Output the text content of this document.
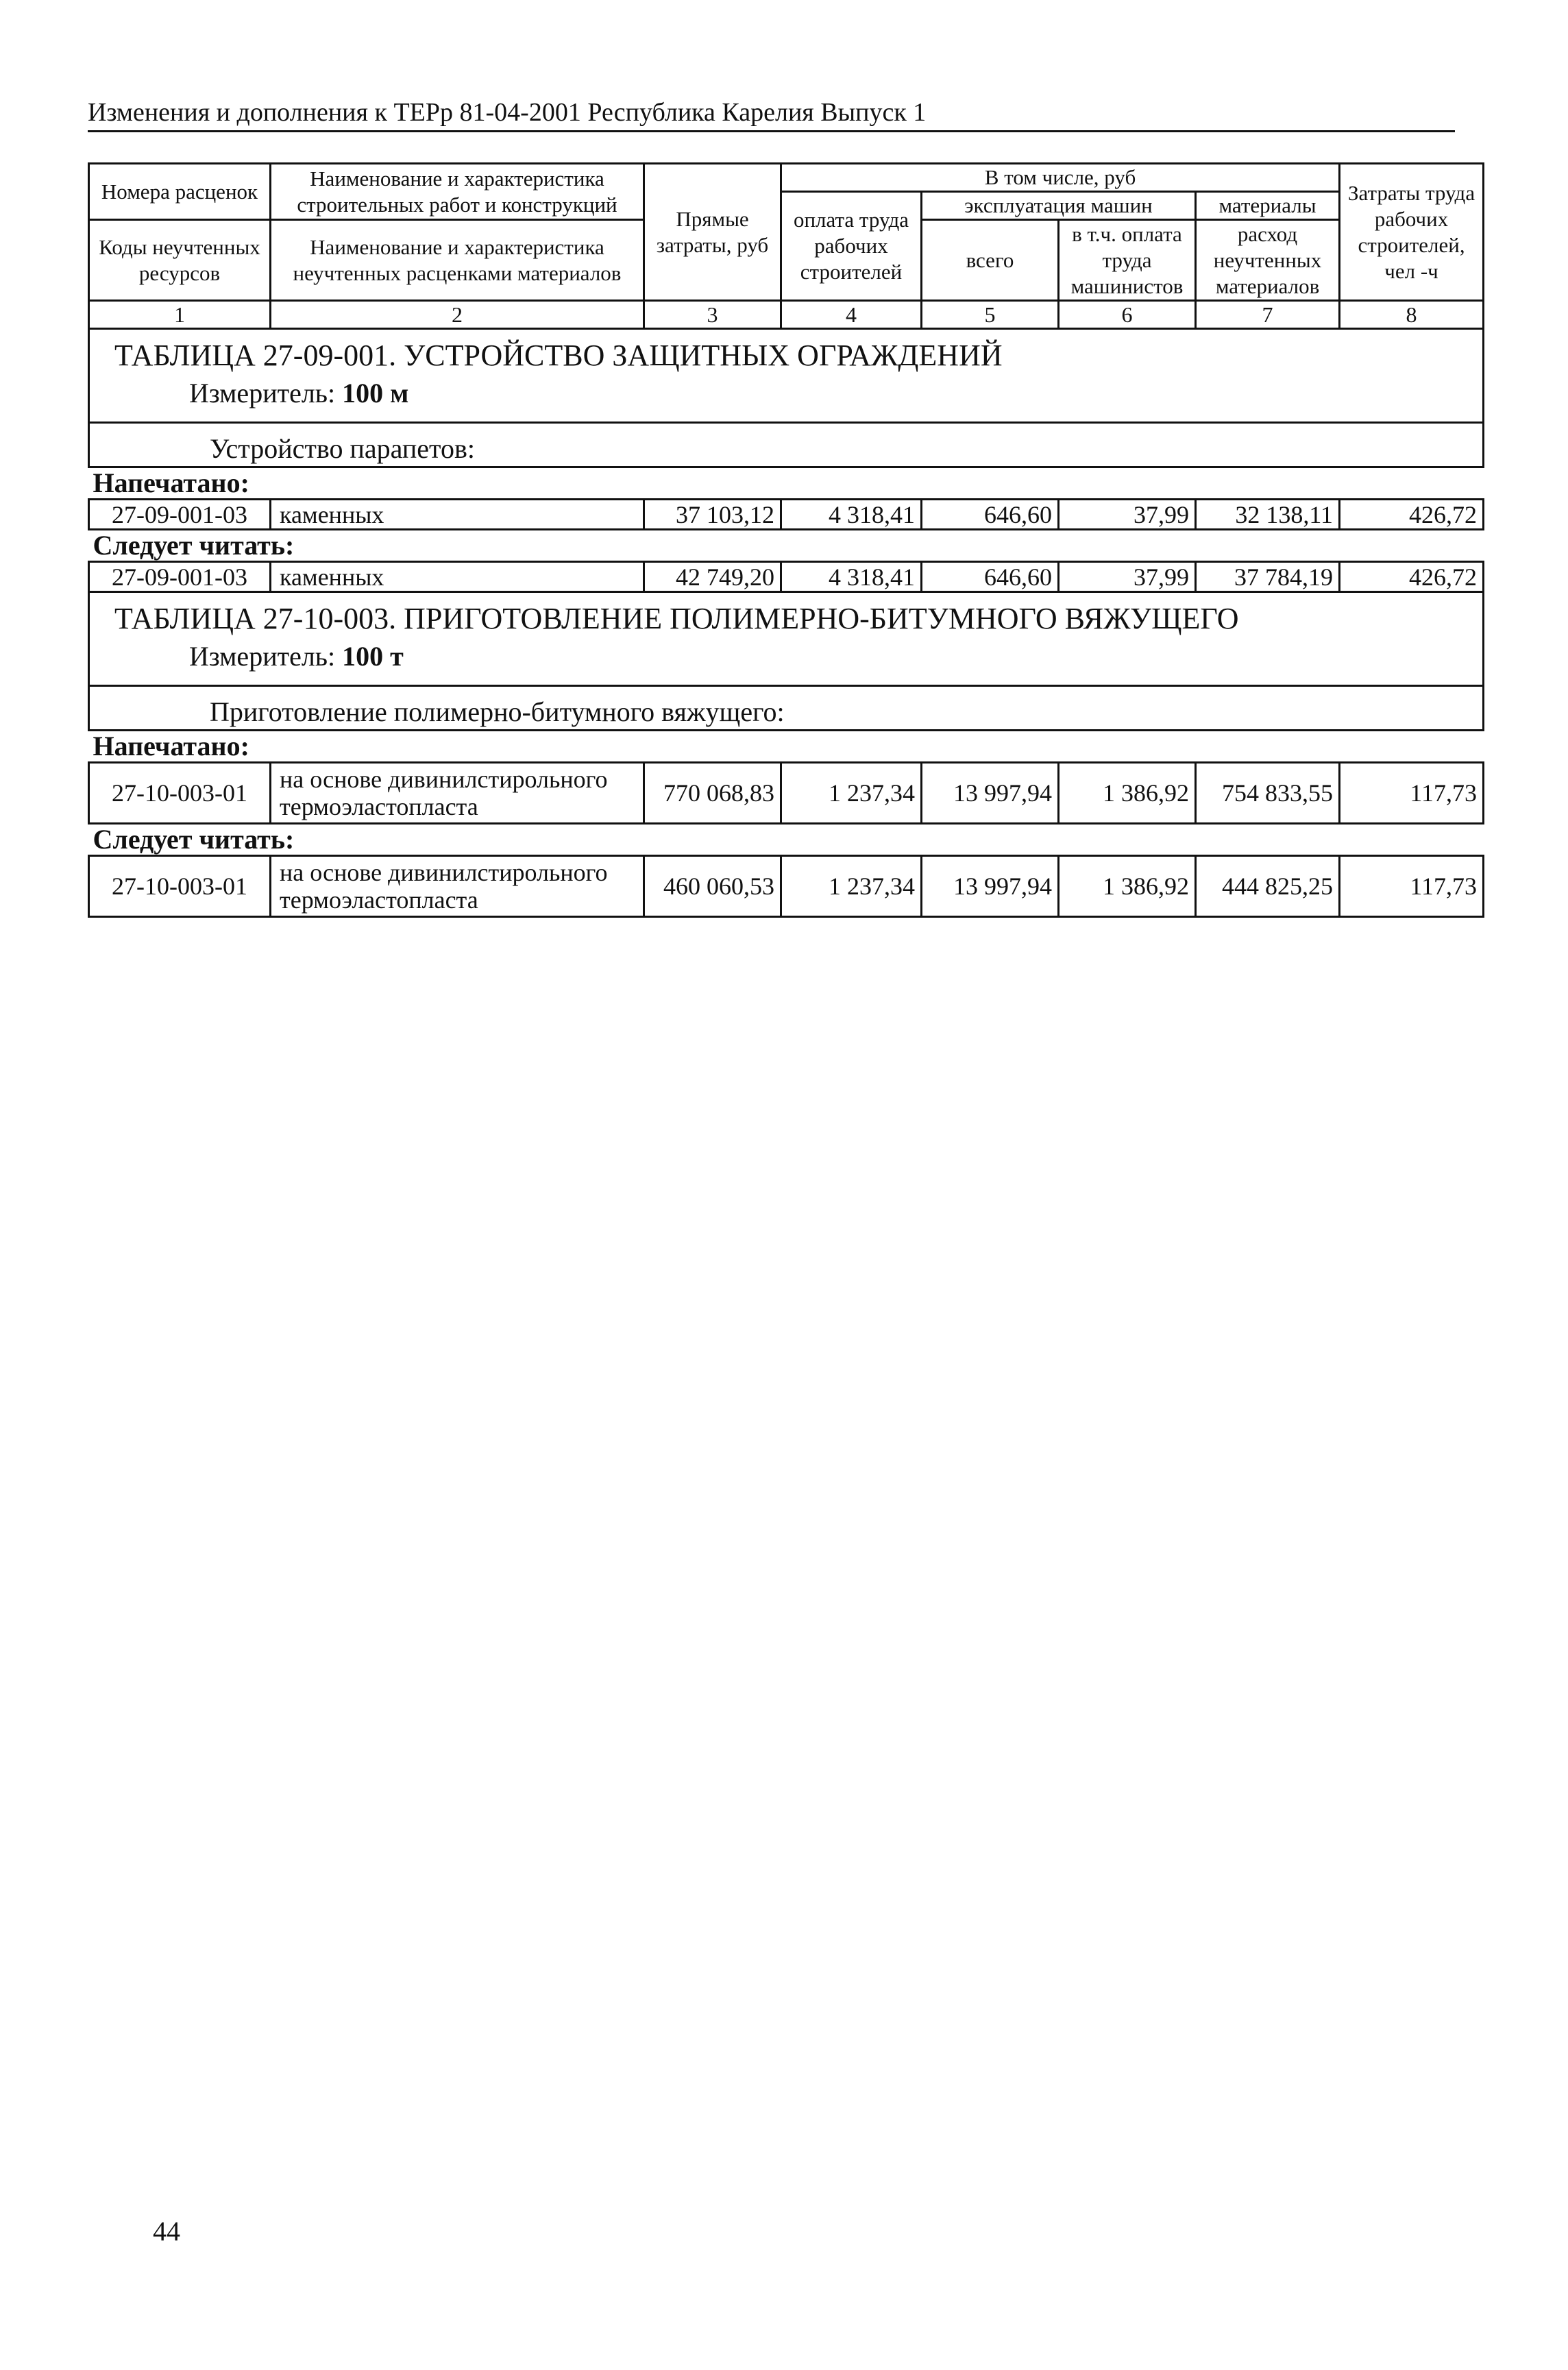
Изменения и дополнения к ТЕРр 81-04-2001 Республика Карелия Выпуск 1
Номера расценок	Наименование и характеристика строительных работ и конструкций	Прямые затраты, руб	В том числе, руб				Затраты труда рабочих строителей, чел -ч
			оплата труда рабочих строителей	эксплуатация машин		материалы	
Коды неучтенных ресурсов	Наименование и характеристика неучтенных расценками материалов			всего	в т.ч. оплата труда машинистов	расход неучтенных материалов	

1	2	3	4	5	6	7	8
ТАБЛИЦА 27-09-001. УСТРОЙСТВО ЗАЩИТНЫХ ОГРАЖДЕНИЙ							
Измеритель: 100 м							
Устройство парапетов:							
Напечатано:							
27-09-001-03	каменных	37 103,12	4 318,41	646,60	37,99	32 138,11	426,72
Следует читать:							
27-09-001-03	каменных	42 749,20	4 318,41	646,60	37,99	37 784,19	426,72
ТАБЛИЦА 27-10-003. ПРИГОТОВЛЕНИЕ ПОЛИМЕРНО-БИТУМНОГО ВЯЖУЩЕГО							
Измеритель: 100 т							
Приготовление полимерно-битумного вяжущего:							
Напечатано:							
27-10-003-01	на основе дивинилстирольного термоэластопласта	770 068,83	1 237,34	13 997,94	1 386,92	754 833,55	117,73
Следует читать:							
27-10-003-01	на основе дивинилстирольного термоэластопласта	460 060,53	1 237,34	13 997,94	1 386,92	444 825,25	117,73
44
